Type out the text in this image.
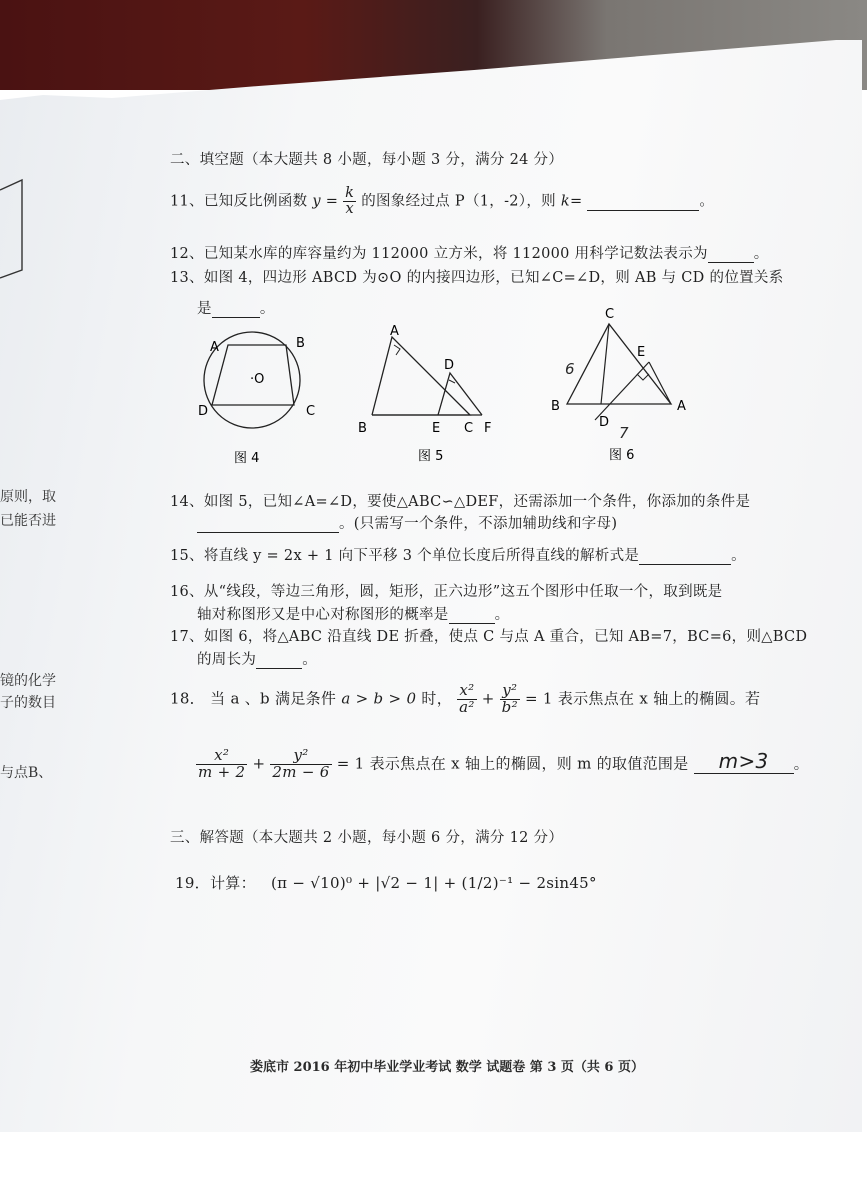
原则，取
已能否进
镜的化学
子的数目
与点B、
二、填空题（本大题共 8 小题，每小题 3 分，满分 24 分）
11、已知反比例函数 $y = \frac{k}{x}$ 的图象经过点 P（1，-2），则 k=	。
12、已知某水库的库容量约为 112000 立方米，将 112000 用科学记数法表示为	。
13、如图 4，四边形 ABCD 为⊙O 的内接四边形，已知∠C=∠D，则 AB 与 CD 的位置关系
是	。
A	B
C
D
·O
图 4
A
B
D
E C F
图 5
C
B
E
A
D
6
7
图 6
14、如图 5，已知∠A=∠D，要使△ABC∽△DEF，还需添加一个条件，你添加的条件是
。(只需写一个条件，不添加辅助线和字母)
15、将直线 y = 2x + 1 向下平移 3 个单位长度后所得直线的解析式是	。
16、从“线段，等边三角形，圆，矩形，正六边形”这五个图形中任取一个，取到既是
轴对称图形又是中心对称图形的概率是	。
17、如图 6，将△ABC 沿直线 DE 折叠，使点 C 与点 A 重合，已知 AB=7，BC=6，则△BCD
的周长为	。
18． 当 a 、b 满足条件 a > b > 0 时， $\frac{\text{x²}}{\text{a²}} + \frac{\text{y²}}{\text{b²}} = 1$ 表示焦点在 x 轴上的椭圆。若
$\frac{\text{x²}}{m + 2} + \frac{\text{y²}}{2m - 6} = 1$ 表示焦点在 x 轴上的椭圆，则 m 的取值范围是 m>3 。
三、解答题（本大题共 2 小题，每小题 6 分，满分 12 分）
19．计算： (π − √10)⁰ + |√2 − 1| + (1/2)⁻¹ − 2sin45°
娄底市 2016 年初中毕业学业考试 数学 试题卷 第 3 页（共 6 页）
